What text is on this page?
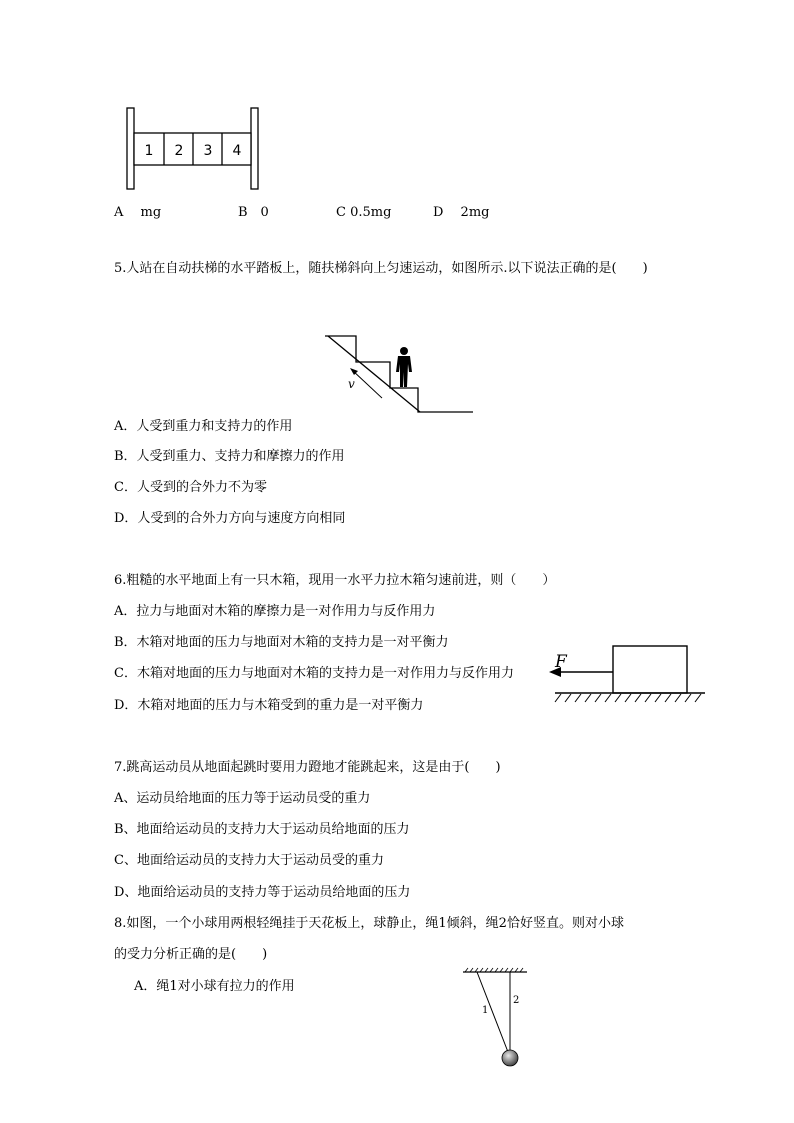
1 2 3 4
A　 mg	B　0	C 0.5mg	D　 2mg
5.人站在自动扶梯的水平踏板上，随扶梯斜向上匀速运动，如图所示.以下说法正确的是(　　)
v
A．人受到重力和支持力的作用
B．人受到重力、支持力和摩擦力的作用
C．人受到的合外力不为零
D．人受到的合外力方向与速度方向相同
6.粗糙的水平地面上有一只木箱，现用一水平力拉木箱匀速前进，则（　　）
A．拉力与地面对木箱的摩擦力是一对作用力与反作用力
B．木箱对地面的压力与地面对木箱的支持力是一对平衡力
C．木箱对地面的压力与地面对木箱的支持力是一对作用力与反作用力
D．木箱对地面的压力与木箱受到的重力是一对平衡力
F
7.跳高运动员从地面起跳时要用力蹬地才能跳起来，这是由于(　　)
A、运动员给地面的压力等于运动员受的重力
B、地面给运动员的支持力大于运动员给地面的压力
C、地面给运动员的支持力大于运动员受的重力
D、地面给运动员的支持力等于运动员给地面的压力
8.如图，一个小球用两根轻绳挂于天花板上，球静止，绳1倾斜，绳2恰好竖直。则对小球
的受力分析正确的是(　　)
A．绳1对小球有拉力的作用
1
2
